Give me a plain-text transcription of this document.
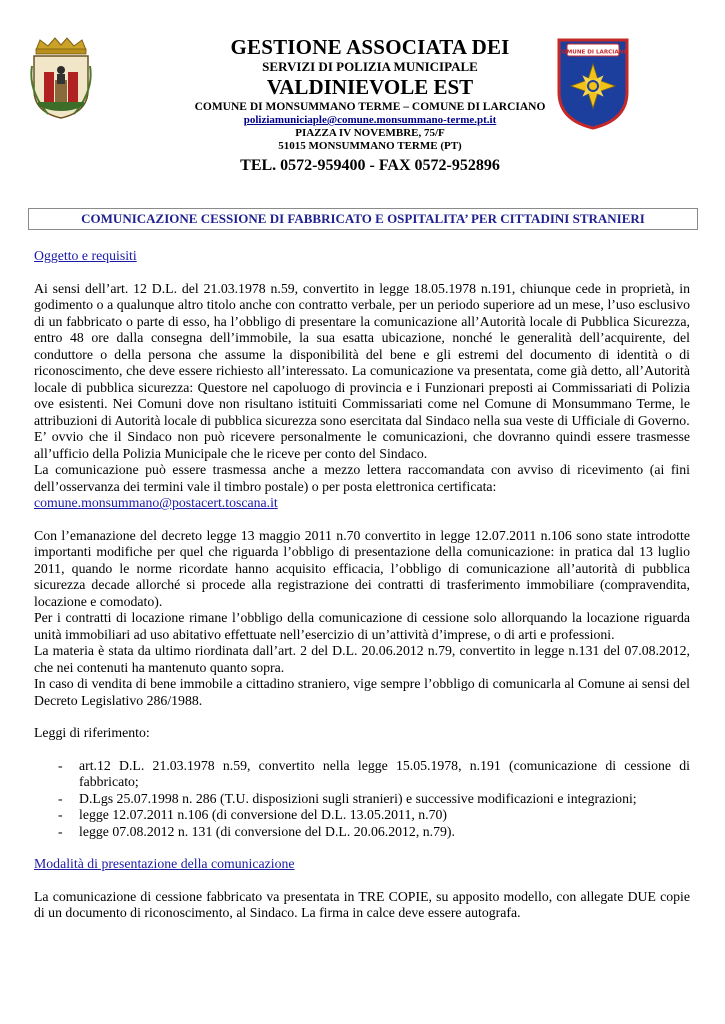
GESTIONE ASSOCIATA DEI
SERVIZI DI POLIZIA MUNICIPALE
VALDINIEVOLE EST
COMUNE DI MONSUMMANO TERME – COMUNE DI LARCIANO
poliziamuniciaple@comune.monsummano-terme.pt.it
PIAZZA IV NOVEMBRE, 75/F
51015 MONSUMMANO TERME (PT)
TEL. 0572-959400 - FAX 0572-952896
COMUNE DI LARCIANO
COMUNICAZIONE CESSIONE DI FABBRICATO E OSPITALITA’ PER CITTADINI STRANIERI
Oggetto e requisiti

Ai sensi dell’art. 12 D.L. del 21.03.1978 n.59, convertito in legge 18.05.1978 n.191, chiunque cede in proprietà, in godimento o a qualunque altro titolo anche con contratto verbale, per un periodo superiore ad un mese, l’uso esclusivo di un fabbricato o parte di esso, ha l’obbligo di presentare la comunicazione all’Autorità locale di Pubblica Sicurezza, entro 48 ore dalla consegna dell’immobile, la sua esatta ubicazione, nonché le generalità dell’acquirente, del conduttore o della persona che assume la disponibilità del bene e gli estremi del documento di identità o di riconoscimento, che deve essere richiesto all’interessato. La comunicazione va presentata, come già detto, all’Autorità locale di pubblica sicurezza: Questore nel capoluogo di provincia e i Funzionari preposti ai Commissariati di Polizia ove esistenti. Nei Comuni dove non risultano istituiti Commissariati come nel Comune di Monsummano Terme, le attribuzioni di Autorità locale di pubblica sicurezza sono esercitata dal Sindaco nella sua veste di Ufficiale di Governo.

E’ ovvio che il Sindaco non può ricevere personalmente le comunicazioni, che dovranno quindi essere trasmesse all’ufficio della Polizia Municipale che le riceve per conto del Sindaco.

La comunicazione può essere trasmessa anche a mezzo lettera raccomandata con avviso di ricevimento (ai fini dell’osservanza dei termini vale il timbro postale) o per posta elettronica certificata:

comune.monsummano@postacert.toscana.it

Con l’emanazione del decreto legge 13 maggio 2011 n.70 convertito in legge 12.07.2011 n.106 sono state introdotte importanti modifiche per quel che riguarda l’obbligo di presentazione della comunicazione: in pratica dal 13 luglio 2011, quando le norme ricordate hanno acquisito efficacia, l’obbligo di comunicazione all’autorità di pubblica sicurezza decade allorché si procede alla registrazione dei contratti di trasferimento immobiliare (compravendita, locazione e comodato).

Per i contratti di locazione rimane l’obbligo della comunicazione di cessione solo allorquando la locazione riguarda unità immobiliari ad uso abitativo effettuate nell’esercizio di un’attività d’imprese, o di arti e professioni.

La materia è stata da ultimo riordinata dall’art. 2 del D.L. 20.06.2012 n.79, convertito in legge n.131 del 07.08.2012, che nei contenuti ha mantenuto quanto sopra.

In caso di vendita di bene immobile a cittadino straniero, vige sempre l’obbligo di comunicarla al Comune ai sensi del Decreto Legislativo 286/1988.

Leggi di riferimento:
- art.12 D.L. 21.03.1978 n.59, convertito nella legge 15.05.1978, n.191 (comunicazione di cessione di fabbricato;
- D.Lgs 25.07.1998 n. 286 (T.U. disposizioni sugli stranieri) e successive modificazioni e integrazioni;
- legge 12.07.2011 n.106 (di conversione del D.L. 13.05.2011, n.70)
- legge 07.08.2012 n. 131 (di conversione del D.L. 20.06.2012, n.79).
Modalità di presentazione della comunicazione

La comunicazione di cessione fabbricato va presentata in TRE COPIE, su apposito modello, con allegate DUE copie di un documento di riconoscimento, al Sindaco. La firma in calce deve essere autografa.
